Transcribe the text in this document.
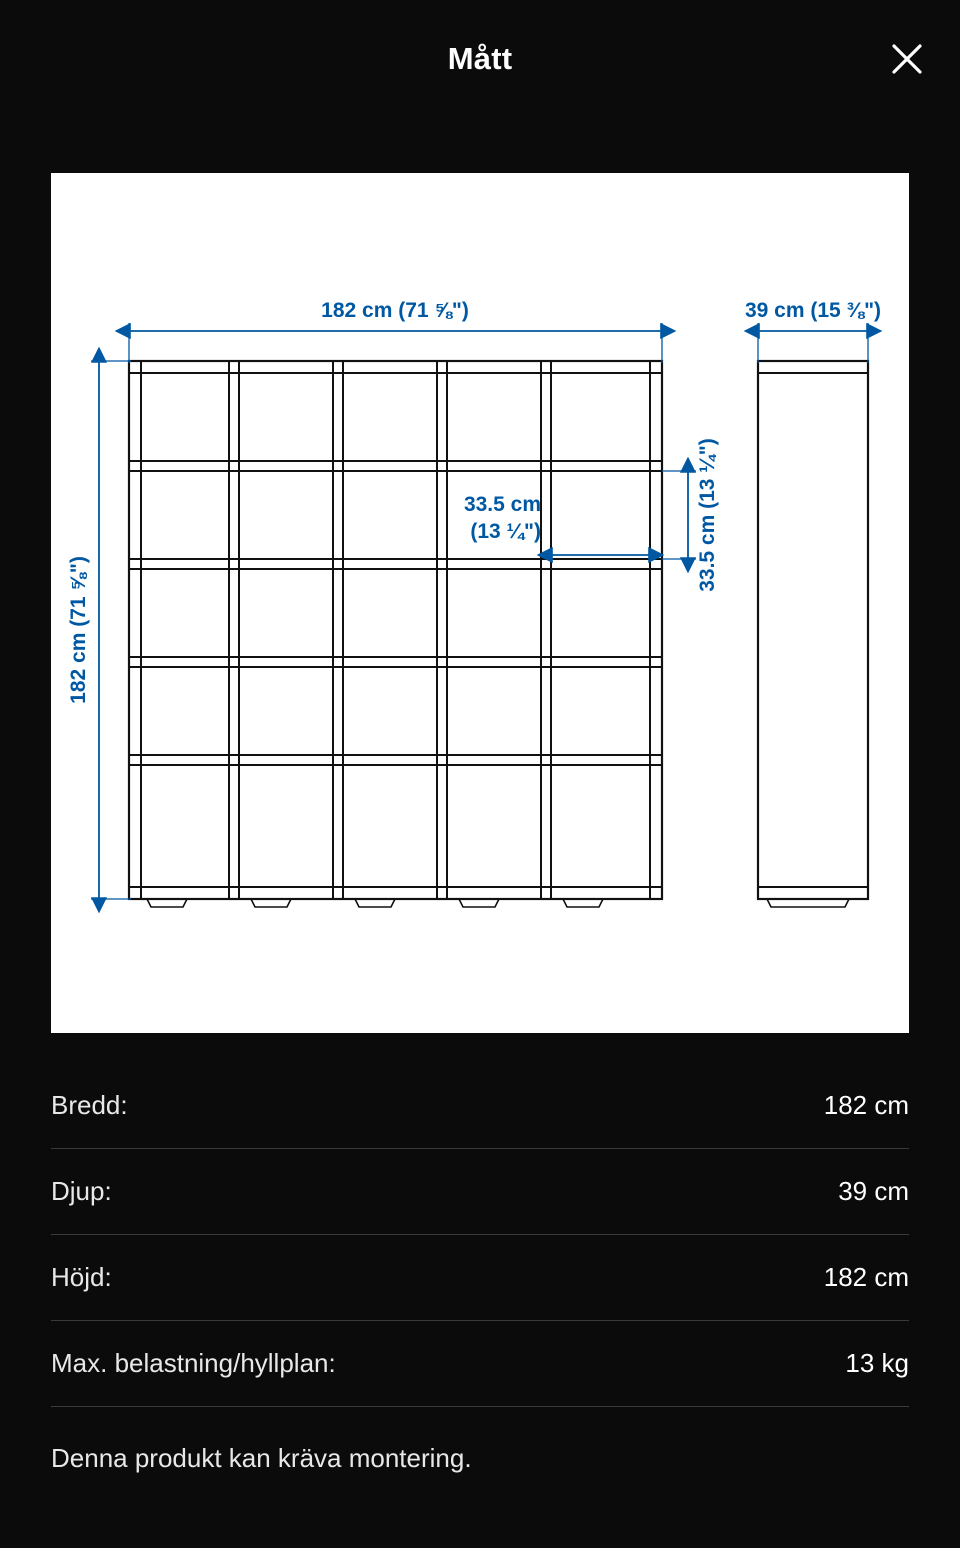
Mått
182 cm (71 ⅝")	39 cm (15 ⅜")
182 cm (71 ⅝")
33.5 cm
(13 ¼")	33.5 cm (13 ¼")
Bredd:	182 cm
Djup:	39 cm
Höjd:	182 cm
Max. belastning/hyllplan:	13 kg
Denna produkt kan kräva montering.
